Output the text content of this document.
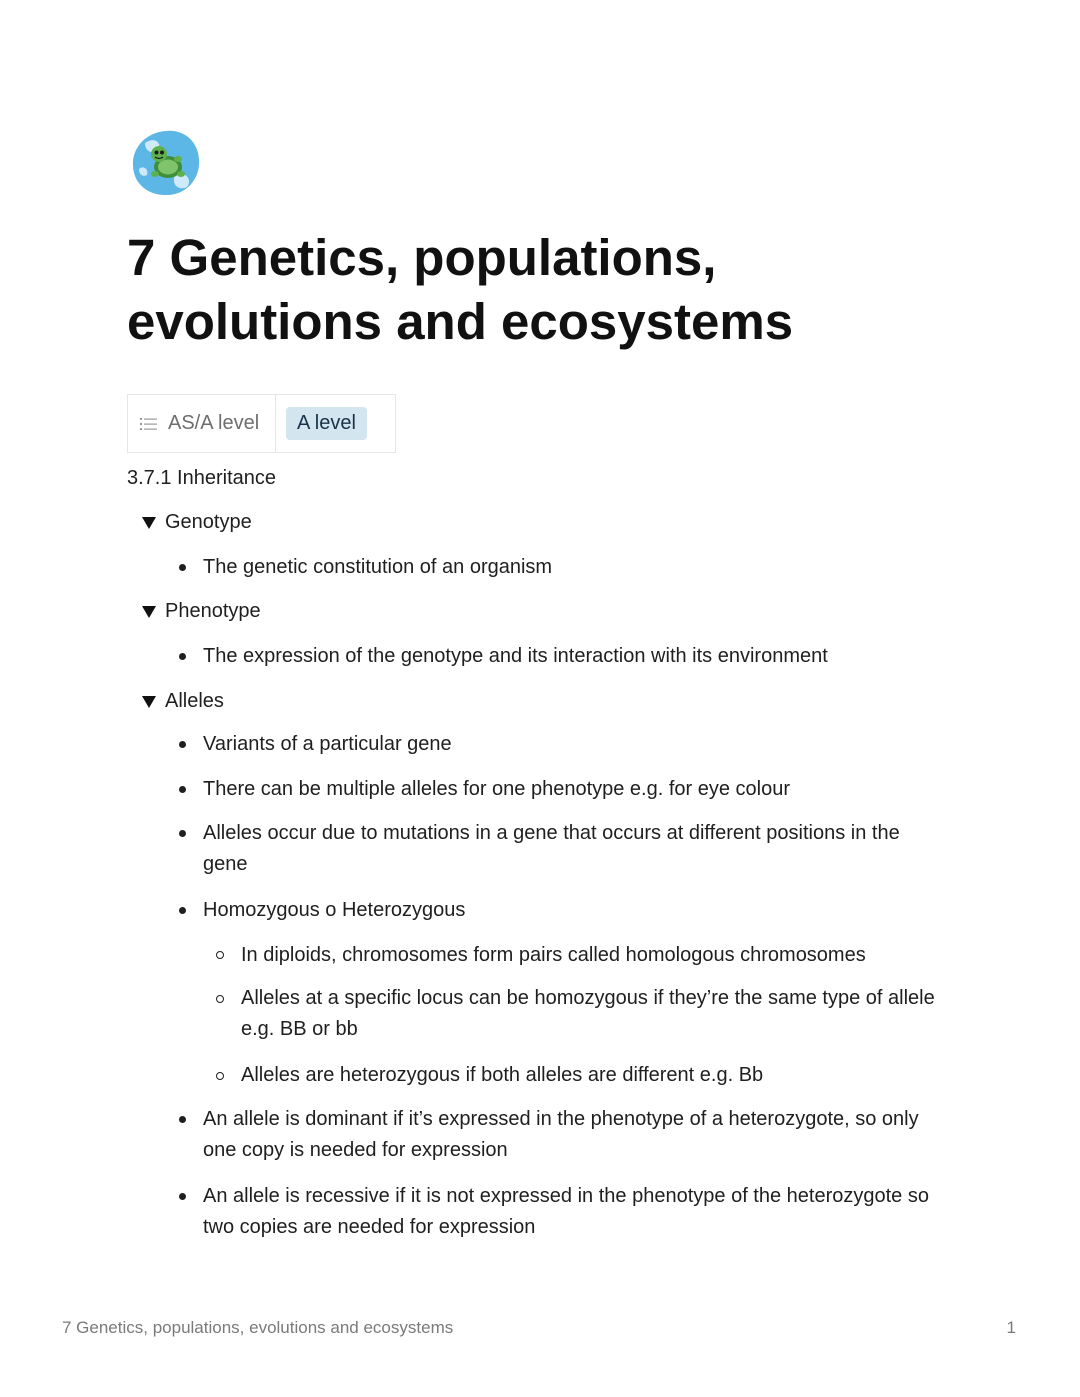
7 Genetics, populations, evolutions and ecosystems
AS/A level	A level
3.7.1 Inheritance
Genotype
The genetic constitution of an organism
Phenotype
The expression of the genotype and its interaction with its environment
Alleles
Variants of a particular gene
There can be multiple alleles for one phenotype e.g. for eye colour
Alleles occur due to mutations in a gene that occurs at different positions in the gene
Homozygous o Heterozygous
In diploids, chromosomes form pairs called homologous chromosomes
Alleles at a specific locus can be homozygous if they’re the same type of allele e.g. BB or bb
Alleles are heterozygous if both alleles are different e.g. Bb
An allele is dominant if it’s expressed in the phenotype of a heterozygote, so only one copy is needed for expression
An allele is recessive if it is not expressed in the phenotype of the heterozygote so two copies are needed for expression
7 Genetics, populations, evolutions and ecosystems	1
